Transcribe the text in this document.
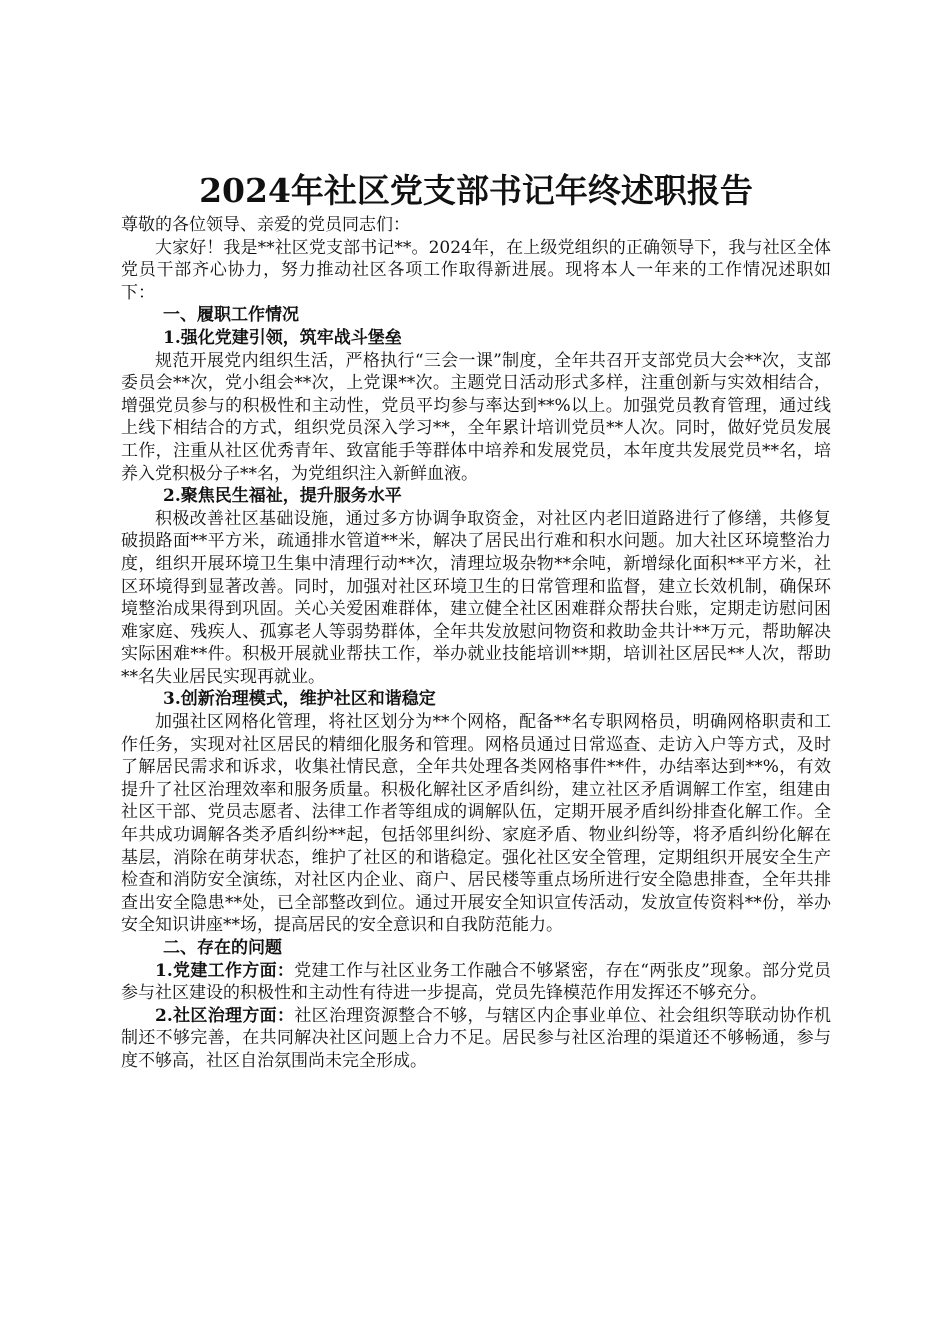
2024年社区党支部书记年终述职报告
尊敬的各位领导、亲爱的党员同志们：

大家好！我是**社区党支部书记**。2024年，在上级党组织的正确领导下，我与社区全体党员干部齐心协力，努力推动社区各项工作取得新进展。现将本人一年来的工作情况述职如下：

一、履职工作情况
1.强化党建引领，筑牢战斗堡垒

规范开展党内组织生活，严格执行“三会一课”制度，全年共召开支部党员大会**次，支部委员会**次，党小组会**次，上党课**次。主题党日活动形式多样，注重创新与实效相结合，增强党员参与的积极性和主动性，党员平均参与率达到**%以上。加强党员教育管理，通过线上线下相结合的方式，组织党员深入学习**，全年累计培训党员**人次。同时，做好党员发展工作，注重从社区优秀青年、致富能手等群体中培养和发展党员，本年度共发展党员**名，培养入党积极分子**名，为党组织注入新鲜血液。

2.聚焦民生福祉，提升服务水平

积极改善社区基础设施，通过多方协调争取资金，对社区内老旧道路进行了修缮，共修复破损路面**平方米，疏通排水管道**米，解决了居民出行难和积水问题。加大社区环境整治力度，组织开展环境卫生集中清理行动**次，清理垃圾杂物**余吨，新增绿化面积**平方米，社区环境得到显著改善。同时，加强对社区环境卫生的日常管理和监督，建立长效机制，确保环境整治成果得到巩固。关心关爱困难群体，建立健全社区困难群众帮扶台账，定期走访慰问困难家庭、残疾人、孤寡老人等弱势群体，全年共发放慰问物资和救助金共计**万元，帮助解决实际困难**件。积极开展就业帮扶工作，举办就业技能培训**期，培训社区居民**人次，帮助**名失业居民实现再就业。

3.创新治理模式，维护社区和谐稳定

加强社区网格化管理，将社区划分为**个网格，配备**名专职网格员，明确网格职责和工作任务，实现对社区居民的精细化服务和管理。网格员通过日常巡查、走访入户等方式，及时了解居民需求和诉求，收集社情民意，全年共处理各类网格事件**件，办结率达到**%，有效提升了社区治理效率和服务质量。积极化解社区矛盾纠纷，建立社区矛盾调解工作室，组建由社区干部、党员志愿者、法律工作者等组成的调解队伍，定期开展矛盾纠纷排查化解工作。全年共成功调解各类矛盾纠纷**起，包括邻里纠纷、家庭矛盾、物业纠纷等，将矛盾纠纷化解在基层，消除在萌芽状态，维护了社区的和谐稳定。强化社区安全管理，定期组织开展安全生产检查和消防安全演练，对社区内企业、商户、居民楼等重点场所进行安全隐患排查，全年共排查出安全隐患**处，已全部整改到位。通过开展安全知识宣传活动，发放宣传资料**份，举办安全知识讲座**场，提高居民的安全意识和自我防范能力。

二、存在的问题

1.党建工作方面：党建工作与社区业务工作融合不够紧密，存在“两张皮”现象。部分党员参与社区建设的积极性和主动性有待进一步提高，党员先锋模范作用发挥还不够充分。

2.社区治理方面：社区治理资源整合不够，与辖区内企事业单位、社会组织等联动协作机制还不够完善，在共同解决社区问题上合力不足。居民参与社区治理的渠道还不够畅通，参与度不够高，社区自治氛围尚未完全形成。
